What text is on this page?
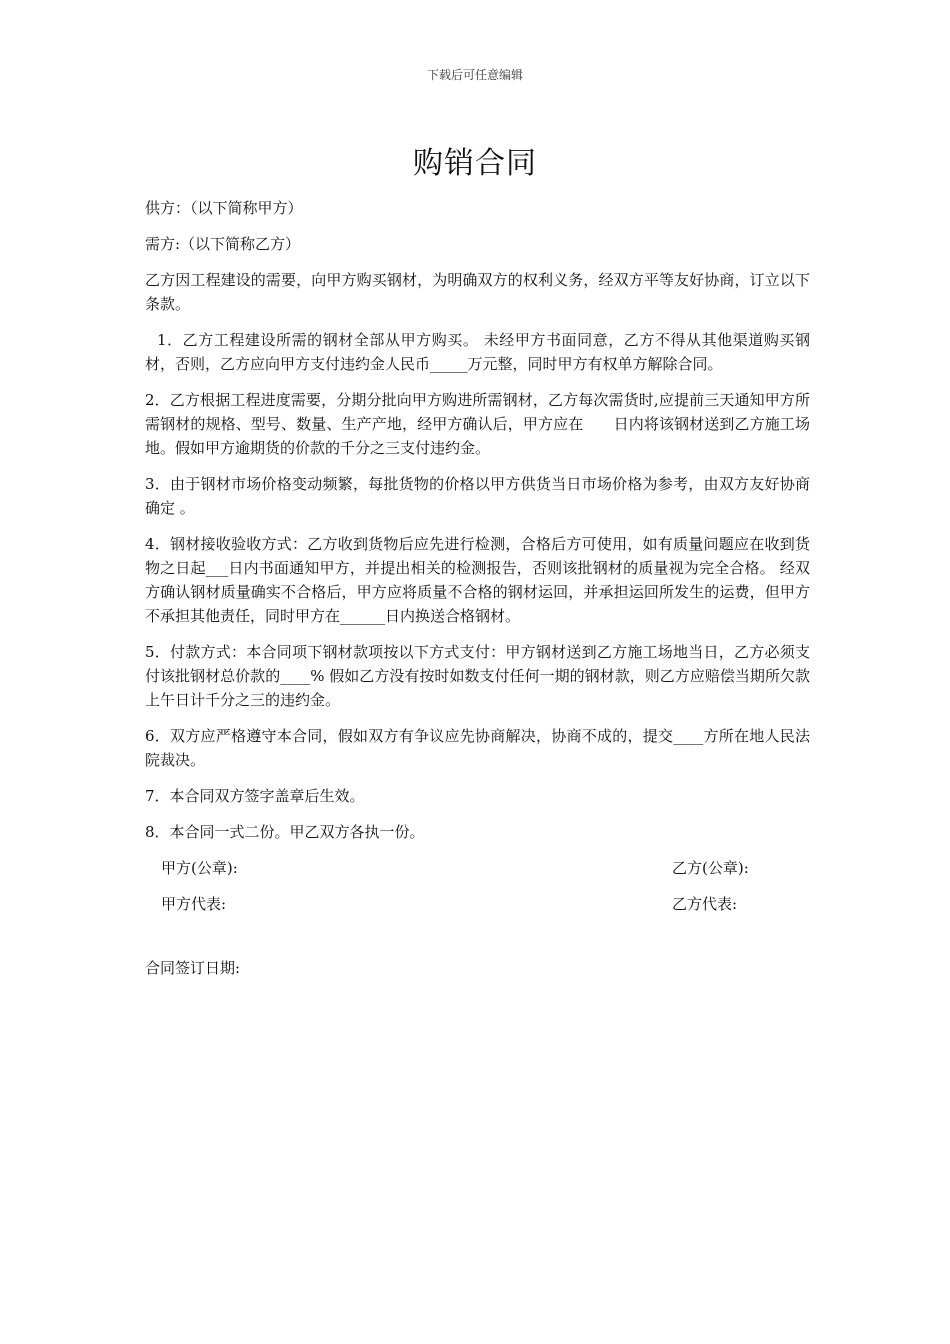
下载后可任意编辑
购销合同

供方：（以下简称甲方）

需方:（以下简称乙方）

乙方因工程建设的需要，向甲方购买钢材，为明确双方的权利义务，经双方平等友好协商，订立以下条款。

1．乙方工程建设所需的钢材全部从甲方购买。 未经甲方书面同意，乙方不得从其他渠道购买钢材，否则，乙方应向甲方支付违约金人民币_____万元整，同时甲方有权单方解除合同。

2．乙方根据工程进度需要，分期分批向甲方购进所需钢材，乙方每次需货时,应提前三天通知甲方所需钢材的规格、型号、数量、生产产地，经甲方确认后，甲方应在　　日内将该钢材送到乙方施工场地。假如甲方逾期货的价款的千分之三支付违约金。

3．由于钢材市场价格变动频繁，每批货物的价格以甲方供货当日市场价格为参考，由双方友好协商确定 。

4．钢材接收验收方式：乙方收到货物后应先进行检测，合格后方可使用，如有质量问题应在收到货物之日起___日内书面通知甲方，并提出相关的检测报告，否则该批钢材的质量视为完全合格。 经双方确认钢材质量确实不合格后，甲方应将质量不合格的钢材运回，并承担运回所发生的运费，但甲方不承担其他责任，同时甲方在______日内换送合格钢材。

5．付款方式：本合同项下钢材款项按以下方式支付：甲方钢材送到乙方施工场地当日，乙方必须支付该批钢材总价款的____% 假如乙方没有按时如数支付任何一期的钢材款，则乙方应赔偿当期所欠款上午日计千分之三的违约金。

6．双方应严格遵守本合同，假如双方有争议应先协商解决，协商不成的，提交____方所在地人民法院裁决。

7．本合同双方签字盖章后生效。

8．本合同一式二份。甲乙双方各执一份。

甲方(公章):	乙方(公章):
甲方代表:	乙方代表:

合同签订日期:
